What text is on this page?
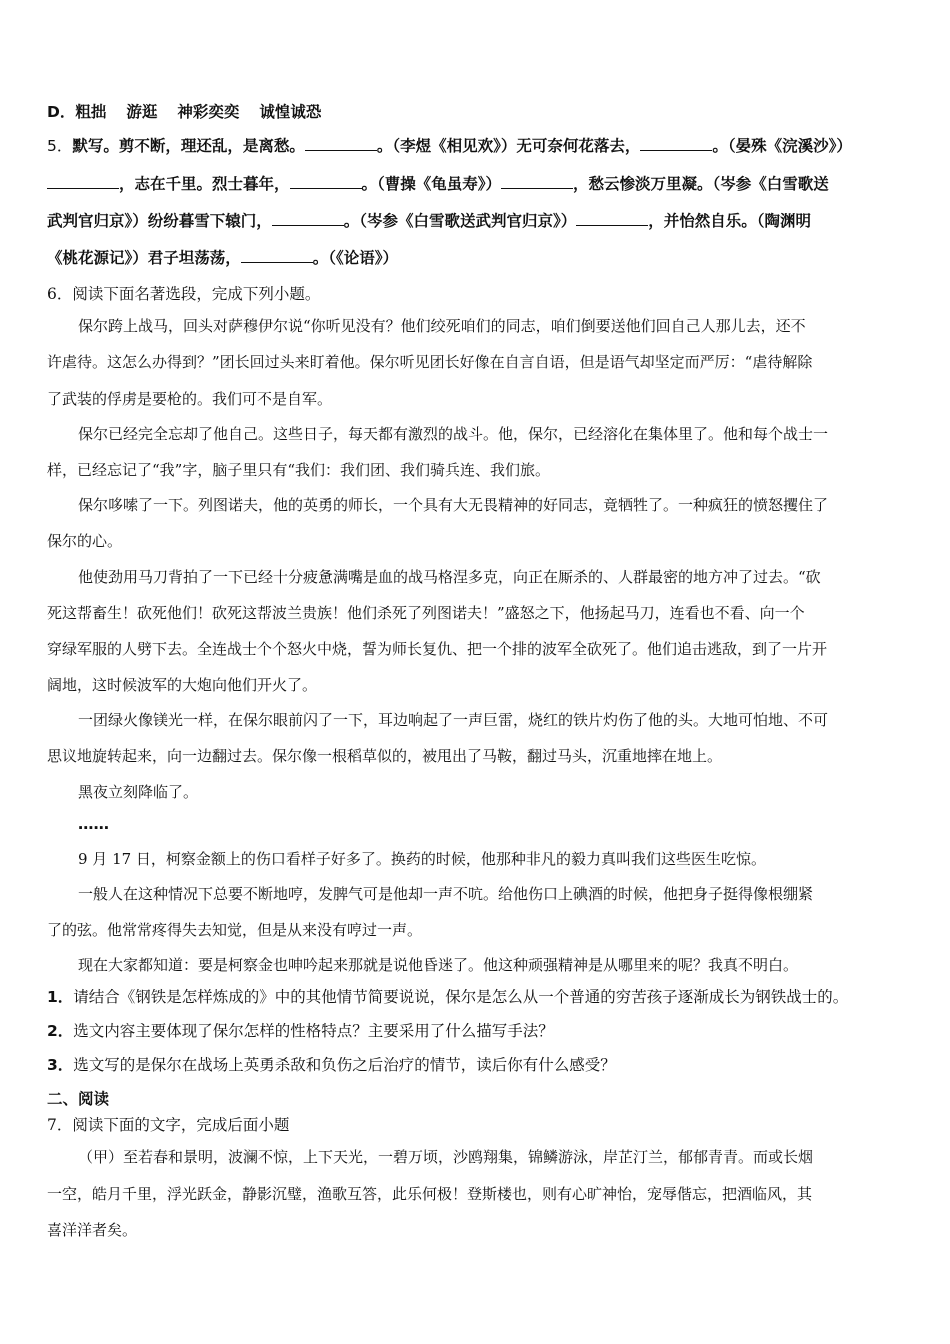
D．粗拙 游逛 神彩奕奕 诚惶诚恐
5．默写。剪不断，理还乱，是离愁。	。（李煜《相见欢》）无可奈何花落去，	。（晏殊《浣溪沙》）
，志在千里。烈士暮年，	。（曹操《龟虽寿》）	，愁云惨淡万里凝。（岑参《白雪歌送
武判官归京》）纷纷暮雪下辕门，	。（岑参《白雪歌送武判官归京》）	，并怡然自乐。（陶渊明
《桃花源记》）君子坦荡荡，	。（《论语》）
6．阅读下面名著选段，完成下列小题。
保尔跨上战马，回头对萨穆伊尔说“你听见没有？他们绞死咱们的同志，咱们倒要送他们回自己人那儿去，还不
许虐待。这怎么办得到？”团长回过头来盯着他。保尔听见团长好像在自言自语，但是语气却坚定而严厉：“虐待解除
了武装的俘虏是要枪的。我们可不是自军。
保尔已经完全忘却了他自己。这些日子，每天都有激烈的战斗。他，保尔，已经溶化在集体里了。他和每个战士一
样，已经忘记了“我”字，脑子里只有“我们：我们团、我们骑兵连、我们旅。
保尔哆嗦了一下。列图诺夫，他的英勇的师长，一个具有大无畏精神的好同志，竟牺牲了。一种疯狂的愤怒攫住了
保尔的心。
他使劲用马刀背拍了一下已经十分疲惫满嘴是血的战马格涅多克，向正在厮杀的、人群最密的地方冲了过去。“砍
死这帮畜生！砍死他们！砍死这帮波兰贵族！他们杀死了列图诺夫！”盛怒之下，他扬起马刀，连看也不看、向一个
穿绿军服的人劈下去。全连战士个个怒火中烧，誓为师长复仇、把一个排的波军全砍死了。他们追击逃敌，到了一片开
阔地，这时候波军的大炮向他们开火了。
一团绿火像镁光一样，在保尔眼前闪了一下，耳边响起了一声巨雷，烧红的铁片灼伤了他的头。大地可怕地、不可
思议地旋转起来，向一边翻过去。保尔像一根稻草似的，被甩出了马鞍，翻过马头，沉重地摔在地上。
黑夜立刻降临了。
……
9 月 17 日，柯察金额上的伤口看样子好多了。换药的时候，他那种非凡的毅力真叫我们这些医生吃惊。
一般人在这种情况下总要不断地哼，发脾气可是他却一声不吭。给他伤口上碘酒的时候，他把身子挺得像根绷紧
了的弦。他常常疼得失去知觉，但是从来没有哼过一声。
现在大家都知道：要是柯察金也呻吟起来那就是说他昏迷了。他这种顽强精神是从哪里来的呢？我真不明白。
1．请结合《钢铁是怎样炼成的》中的其他情节简要说说，保尔是怎么从一个普通的穷苦孩子逐渐成长为钢铁战士的。
2．选文内容主要体现了保尔怎样的性格特点？主要采用了什么描写手法？
3．选文写的是保尔在战场上英勇杀敌和负伤之后治疗的情节，读后你有什么感受？
二、阅读
7．阅读下面的文字，完成后面小题
（甲）至若春和景明，波澜不惊，上下天光，一碧万顷，沙鸥翔集，锦鳞游泳，岸芷汀兰，郁郁青青。而或长烟
一空，皓月千里，浮光跃金，静影沉璧，渔歌互答，此乐何极！登斯楼也，则有心旷神怡，宠辱偕忘，把酒临风，其
喜洋洋者矣。
